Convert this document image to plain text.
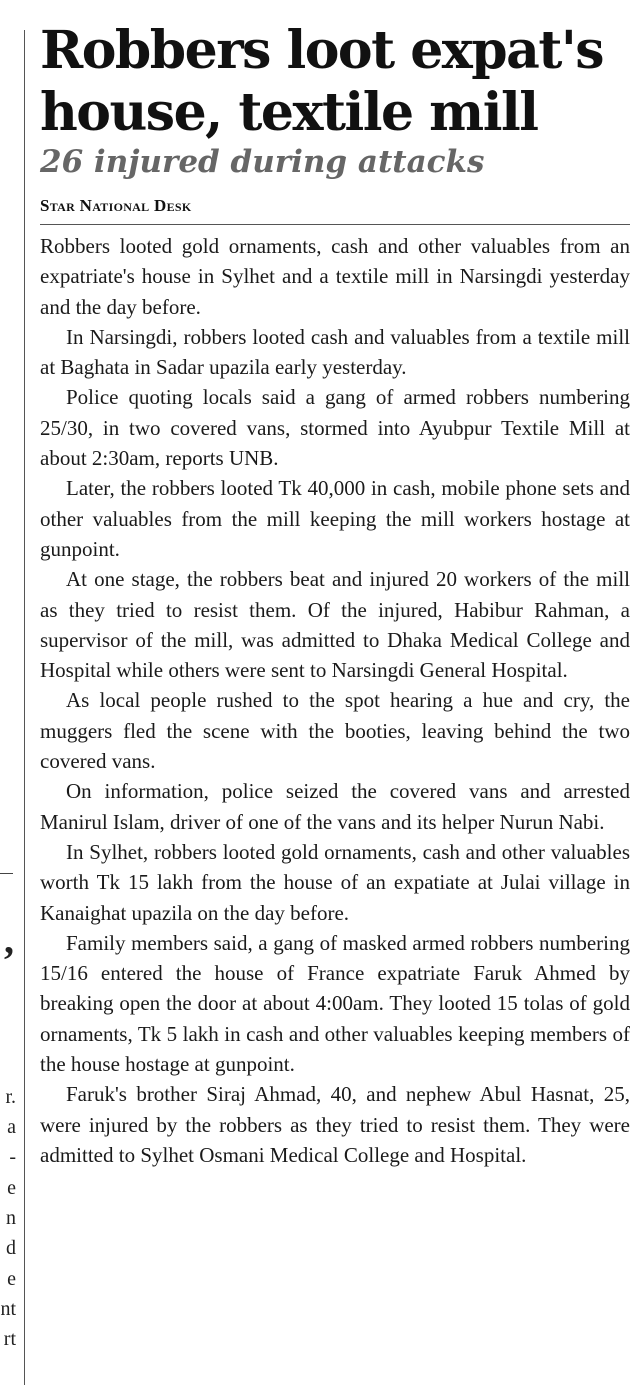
,
r.
a
-
e
n
d
e
nt
rt
Robbers loot expat's
house, textile mill
26 injured during attacks
Star National Desk

Robbers looted gold ornaments, cash and other valuables from an expatriate's house in Sylhet and a textile mill in Narsingdi yesterday and the day before.

In Narsingdi, robbers looted cash and valuables from a textile mill at Baghata in Sadar upazila early yesterday.

Police quoting locals said a gang of armed robbers numbering 25/30, in two covered vans, stormed into Ayubpur Textile Mill at about 2:30am, reports UNB.

Later, the robbers looted Tk 40,000 in cash, mobile phone sets and other valuables from the mill keeping the mill workers hostage at gunpoint.

At one stage, the robbers beat and injured 20 workers of the mill as they tried to resist them. Of the injured, Habibur Rahman, a supervisor of the mill, was admitted to Dhaka Medical College and Hospital while others were sent to Narsingdi General Hospital.

As local people rushed to the spot hearing a hue and cry, the muggers fled the scene with the booties, leaving behind the two covered vans.

On information, police seized the covered vans and arrested Manirul Islam, driver of one of the vans and its helper Nurun Nabi.

In Sylhet, robbers looted gold ornaments, cash and other valuables worth Tk 15 lakh from the house of an expatiate at Julai village in Kanaighat upazila on the day before.

Family members said, a gang of masked armed robbers numbering 15/16 entered the house of France expatriate Faruk Ahmed by breaking open the door at about 4:00am. They looted 15 tolas of gold ornaments, Tk 5 lakh in cash and other valuables keeping members of the house hostage at gunpoint.

Faruk's brother Siraj Ahmad, 40, and nephew Abul Hasnat, 25, were injured by the robbers as they tried to resist them. They were admitted to Sylhet Osmani Medical College and Hospital.
